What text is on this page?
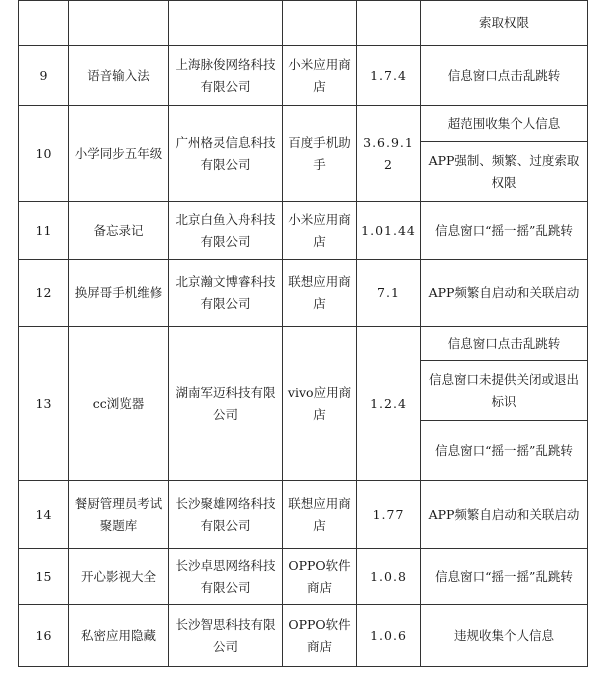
					索取权限
9	语音输入法	上海脉俊网络科技有限公司	小米应用商店	1.7.4	信息窗口点击乱跳转
10	小学同步五年级	广州格灵信息科技有限公司	百度手机助手	3.6.9.12	超范围收集个人信息
					APP强制、频繁、过度索取权限
11	备忘录记	北京白鱼入舟科技有限公司	小米应用商店	1.01.44	信息窗口“摇一摇”乱跳转
12	换屏哥手机维修	北京瀚文博睿科技有限公司	联想应用商店	7.1	APP频繁自启动和关联启动
13	cc浏览器	湖南军迈科技有限公司	vivo应用商店	1.2.4	信息窗口点击乱跳转
					信息窗口未提供关闭或退出标识
					信息窗口“摇一摇”乱跳转
14	餐厨管理员考试聚题库	长沙聚雄网络科技有限公司	联想应用商店	1.77	APP频繁自启动和关联启动
15	开心影视大全	长沙卓思网络科技有限公司	OPPO软件商店	1.0.8	信息窗口“摇一摇”乱跳转
16	私密应用隐藏	长沙智思科技有限公司	OPPO软件商店	1.0.6	违规收集个人信息
